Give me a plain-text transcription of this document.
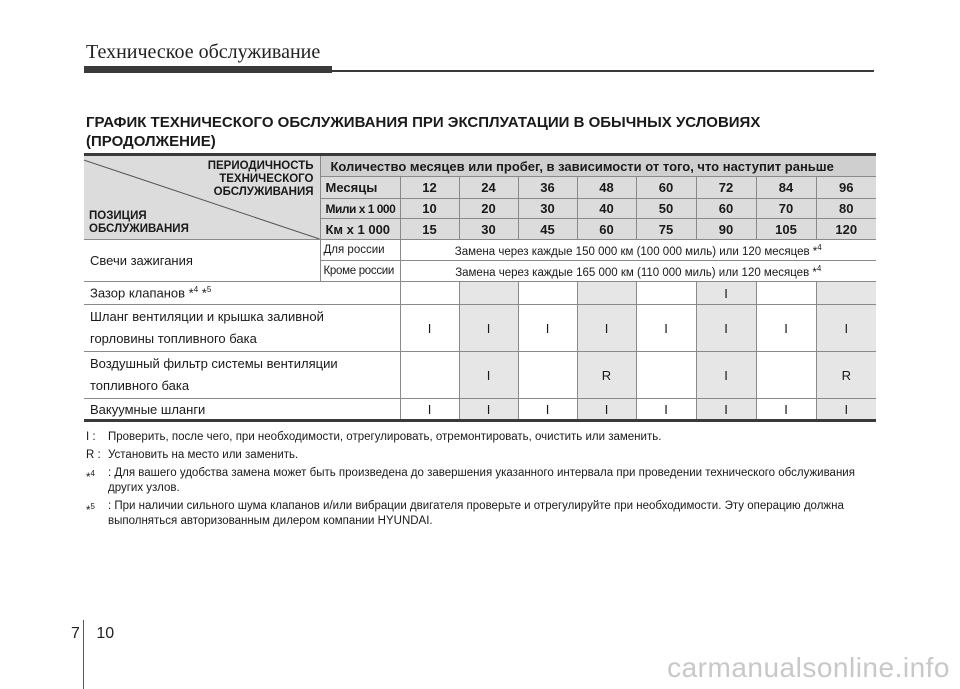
Техническое обслуживание
ГРАФИК ТЕХНИЧЕСКОГО ОБСЛУЖИВАНИЯ ПРИ ЭКСПЛУАТАЦИИ В ОБЫЧНЫХ УСЛОВИЯХ (ПРОДОЛЖЕНИЕ)
ПЕРИОДИЧНОСТЬ
ТЕХНИЧЕСКОГО
ОБСЛУЖИВАНИЯ
ПОЗИЦИЯ
ОБСЛУЖИВАНИЯ	Количество месяцев или пробег, в зависимости от того, что наступит раньше								
	Месяцы	12	24	36	48	60	72	84	96
	Мили x 1 000	10	20	30	40	50	60	70	80
	Км x 1 000	15	30	45	60	75	90	105	120
Свечи зажигания	Для россии	Замена через каждые 150 000 км (100 000 миль) или 120 месяцев *$^4$
	Кроме россии	Замена через каждые 165 000 км (110 000 миль) или 120 месяцев *$^4$
Зазор клапанов *$^4$ *$^5$							I		

Шланг вентиляции и крышка заливной
горловины топливного бака		I	I	I	I	I	I	I	I

Воздушный фильтр системы вентиляции
топливного бака			I		R		I		R
Вакуумные шланги		I	I	I	I	I	I	I	I
I : Проверить, после чего, при необходимости, отрегулировать, отремонтировать, очистить или заменить.
R : Установить на место или заменить.
*$^4$ : Для вашего удобства замена может быть произведена до завершения указанного интервала при проведении технического обслуживания других узлов.
*$^5$ : При наличии сильного шума клапанов и/или вибрации двигателя проверьте и отрегулируйте при необходимости. Эту операцию должна выполняться авторизованным дилером компании HYUNDAI.
7 10
carmanualsonline.info
